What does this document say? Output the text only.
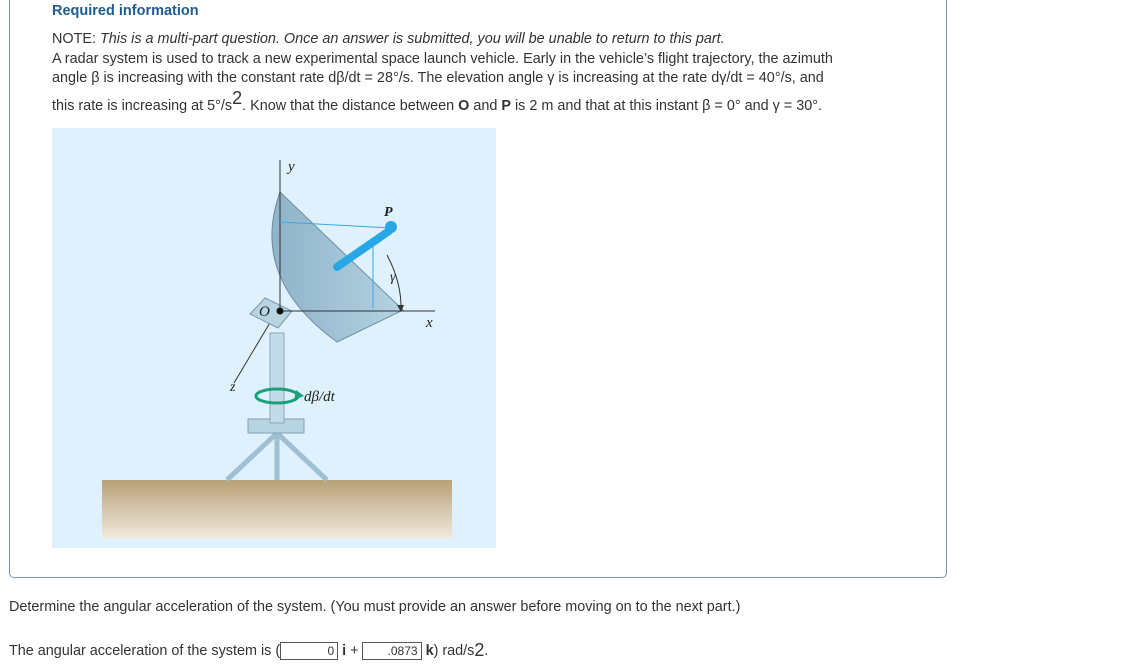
Required information
NOTE: This is a multi-part question. Once an answer is submitted, you will be unable to return to this part.
A radar system is used to track a new experimental space launch vehicle. Early in the vehicle’s flight trajectory, the azimuth
angle β is increasing with the constant rate dβ/dt = 28°/s. The elevation angle γ is increasing at the rate dγ/dt = 40°/s, and
this rate is increasing at 5°/s2. Know that the distance between O and P is 2 m and that at this instant β = 0° and γ = 30°.
y
x
z
O
P
γ
dβ/dt
Determine the angular acceleration of the system. (You must provide an answer before moving on to the next part.)
The angular acceleration of the system is (
0	i +
.0873	k ) rad/s 2 .
